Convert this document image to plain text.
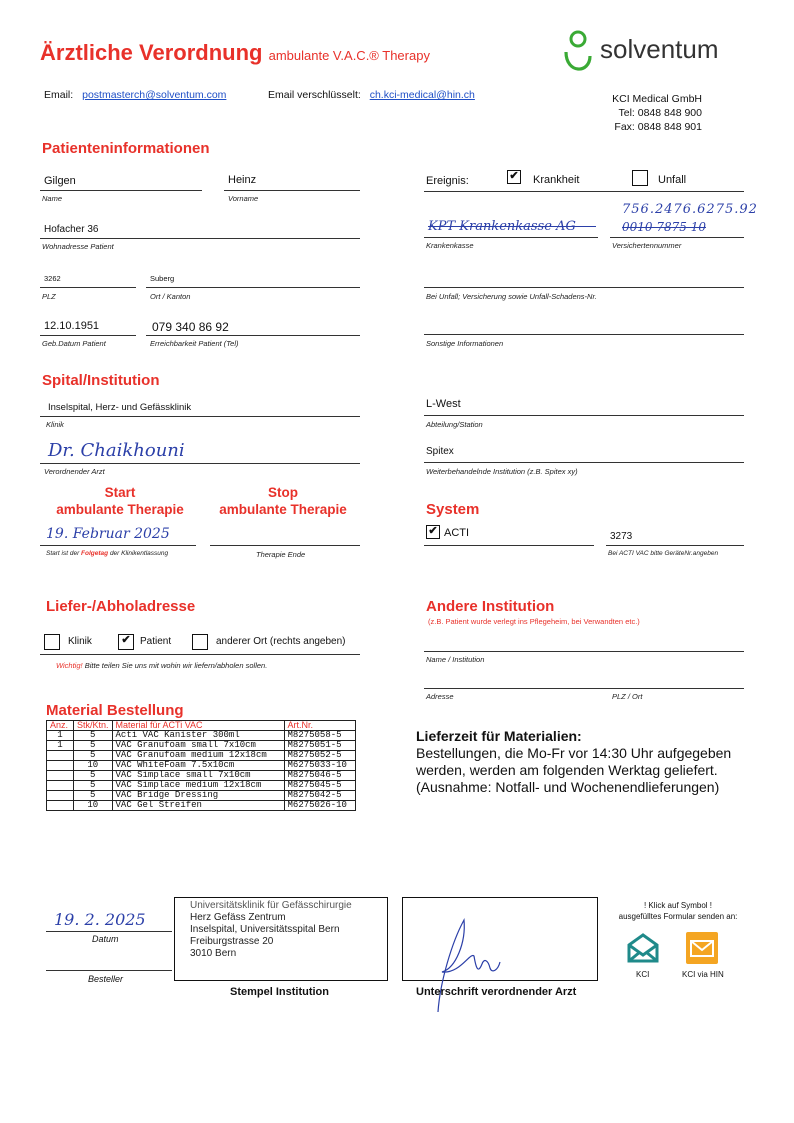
Ärztliche Verordnung ambulante V.A.C.® Therapy	solventum
Email: postmasterch@solventum.com	Email verschlüsselt: ch.kci-medical@hin.ch	KCI Medical GmbH
Tel: 0848 848 900
Fax: 0848 848 901
Patienteninformationen
Gilgen
Name
Heinz
Vorname
Hofacher 36
Wohnadresse Patient
3262
PLZ
Suberg
Ort / Kanton
12.10.1951
Geb.Datum Patient
079 340 86 92
Erreichbarkeit Patient (Tel)
Ereignis:	✔ Krankheit	Unfall
756.2476.6275.92
KPT Krankenkasse AG	0010 7875 10
Krankenkasse	Versichertennummer
Bei Unfall; Versicherung sowie Unfall-Schadens-Nr.
Sonstige Informationen
Spital/Institution
Inselspital, Herz- und Gefässklinik
Klinik
Dr. Chaikhouni
Verordnender Arzt
L-West
Abteilung/Station
Spitex
Weiterbehandelnde Institution (z.B. Spitex xy)
Start
ambulante Therapie
Stop
ambulante Therapie
19. Februar 2025
Start ist der Folgetag der Klinikentlassung	Therapie Ende
System
✔ ACTI	3273
Bei ACTI VAC bitte GeräteNr.angeben
Liefer-/Abholadresse
Klinik	✔ Patient	anderer Ort (rechts angeben)
Wichtig! Bitte teilen Sie uns mit wohin wir liefern/abholen sollen.
Andere Institution
(z.B. Patient wurde verlegt ins Pflegeheim, bei Verwandten etc.)
Name / Institution
Adresse	PLZ / Ort
Material Bestellung
Anz.	Stk/Ktn.	Material für ACTi VAC	Art.Nr.
1	5	Acti VAC Kanister 300ml	M8275058-5
1	5	VAC Granufoam small 7x10cm	M8275051-5
	5	VAC Granufoam medium 12x18cm	M8275052-5
	10	VAC WhiteFoam 7.5x10cm	M6275033-10
	5	VAC Simplace small 7x10cm	M8275046-5
	5	VAC Simplace medium 12x18cm	M8275045-5
	5	VAC Bridge Dressing	M8275042-5
	10	VAC Gel Streifen	M6275026-10
Lieferzeit für Materialien:
Bestellungen, die Mo-Fr vor 14:30 Uhr aufgegeben
werden, werden am folgenden Werktag geliefert.
(Ausnahme: Notfall- und Wochenendlieferungen)
19. 2. 2025
Datum
Besteller
Universitätsklinik für Gefässchirurgie
Herz Gefäss Zentrum
Inselspital, Universitätsspital Bern
Freiburgstrasse 20
3010 Bern
Stempel Institution	Unterschrift verordnender Arzt
! Klick auf Symbol !
ausgefülltes Formular senden an:
KCI	KCI via HIN
